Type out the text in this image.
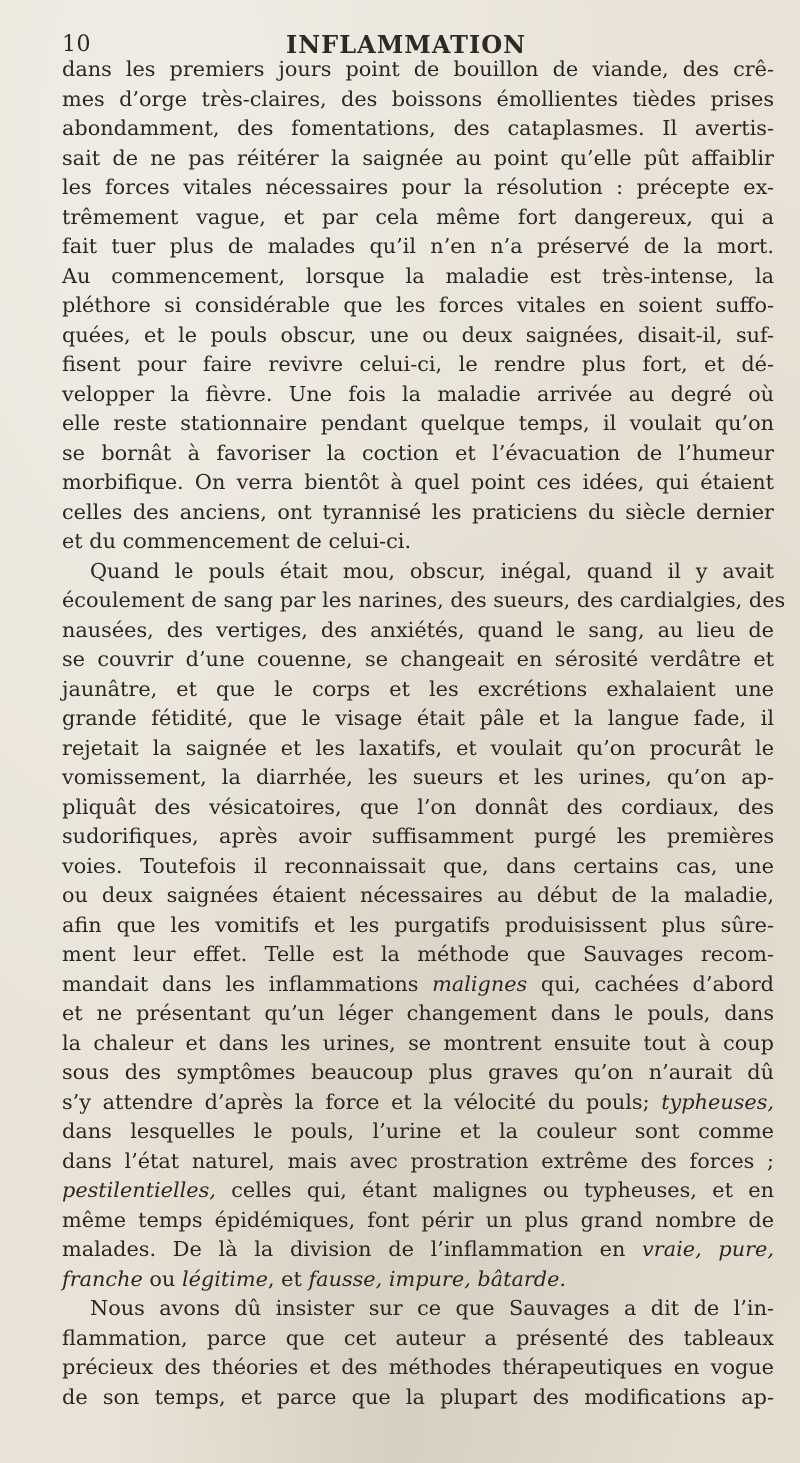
10	INFLAMMATION
dans les premiers jours point de bouillon de viande, des crê-
mes d’orge très-claires, des boissons émollientes tièdes prises
abondamment, des fomentations, des cataplasmes. Il avertis-
sait de ne pas réitérer la saignée au point qu’elle pût affaiblir
les forces vitales nécessaires pour la résolution : précepte ex-
trêmement vague, et par cela même fort dangereux, qui a
fait tuer plus de malades qu’il n’en n’a préservé de la mort.
Au commencement, lorsque la maladie est très-intense, la
pléthore si considérable que les forces vitales en soient suffo-
quées, et le pouls obscur, une ou deux saignées, disait-il, suf-
fisent pour faire revivre celui-ci, le rendre plus fort, et dé-
velopper la fièvre. Une fois la maladie arrivée au degré où
elle reste stationnaire pendant quelque temps, il voulait qu’on
se bornât à favoriser la coction et l’évacuation de l’humeur
morbifique. On verra bientôt à quel point ces idées, qui étaient
celles des anciens, ont tyrannisé les praticiens du siècle dernier
et du commencement de celui-ci.
Quand le pouls était mou, obscur, inégal, quand il y avait
écoulement de sang par les narines, des sueurs, des cardialgies, des
nausées, des vertiges, des anxiétés, quand le sang, au lieu de
se couvrir d’une couenne, se changeait en sérosité verdâtre et
jaunâtre, et que le corps et les excrétions exhalaient une
grande fétidité, que le visage était pâle et la langue fade, il
rejetait la saignée et les laxatifs, et voulait qu’on procurât le
vomissement, la diarrhée, les sueurs et les urines, qu’on ap-
pliquât des vésicatoires, que l’on donnât des cordiaux, des
sudorifiques, après avoir suffisamment purgé les premières
voies. Toutefois il reconnaissait que, dans certains cas, une
ou deux saignées étaient nécessaires au début de la maladie,
afin que les vomitifs et les purgatifs produisissent plus sûre-
ment leur effet. Telle est la méthode que Sauvages recom-
mandait dans les inflammations malignes qui, cachées d’abord
et ne présentant qu’un léger changement dans le pouls, dans
la chaleur et dans les urines, se montrent ensuite tout à coup
sous des symptômes beaucoup plus graves qu’on n’aurait dû
s’y attendre d’après la force et la vélocité du pouls; typheuses,
dans lesquelles le pouls, l’urine et la couleur sont comme
dans l’état naturel, mais avec prostration extrême des forces ;
pestilentielles, celles qui, étant malignes ou typheuses, et en
même temps épidémiques, font périr un plus grand nombre de
malades. De là la division de l’inflammation en vraie, pure,
franche ou légitime, et fausse, impure, bâtarde.
Nous avons dû insister sur ce que Sauvages a dit de l’in-
flammation, parce que cet auteur a présenté des tableaux
précieux des théories et des méthodes thérapeutiques en vogue
de son temps, et parce que la plupart des modifications ap-
